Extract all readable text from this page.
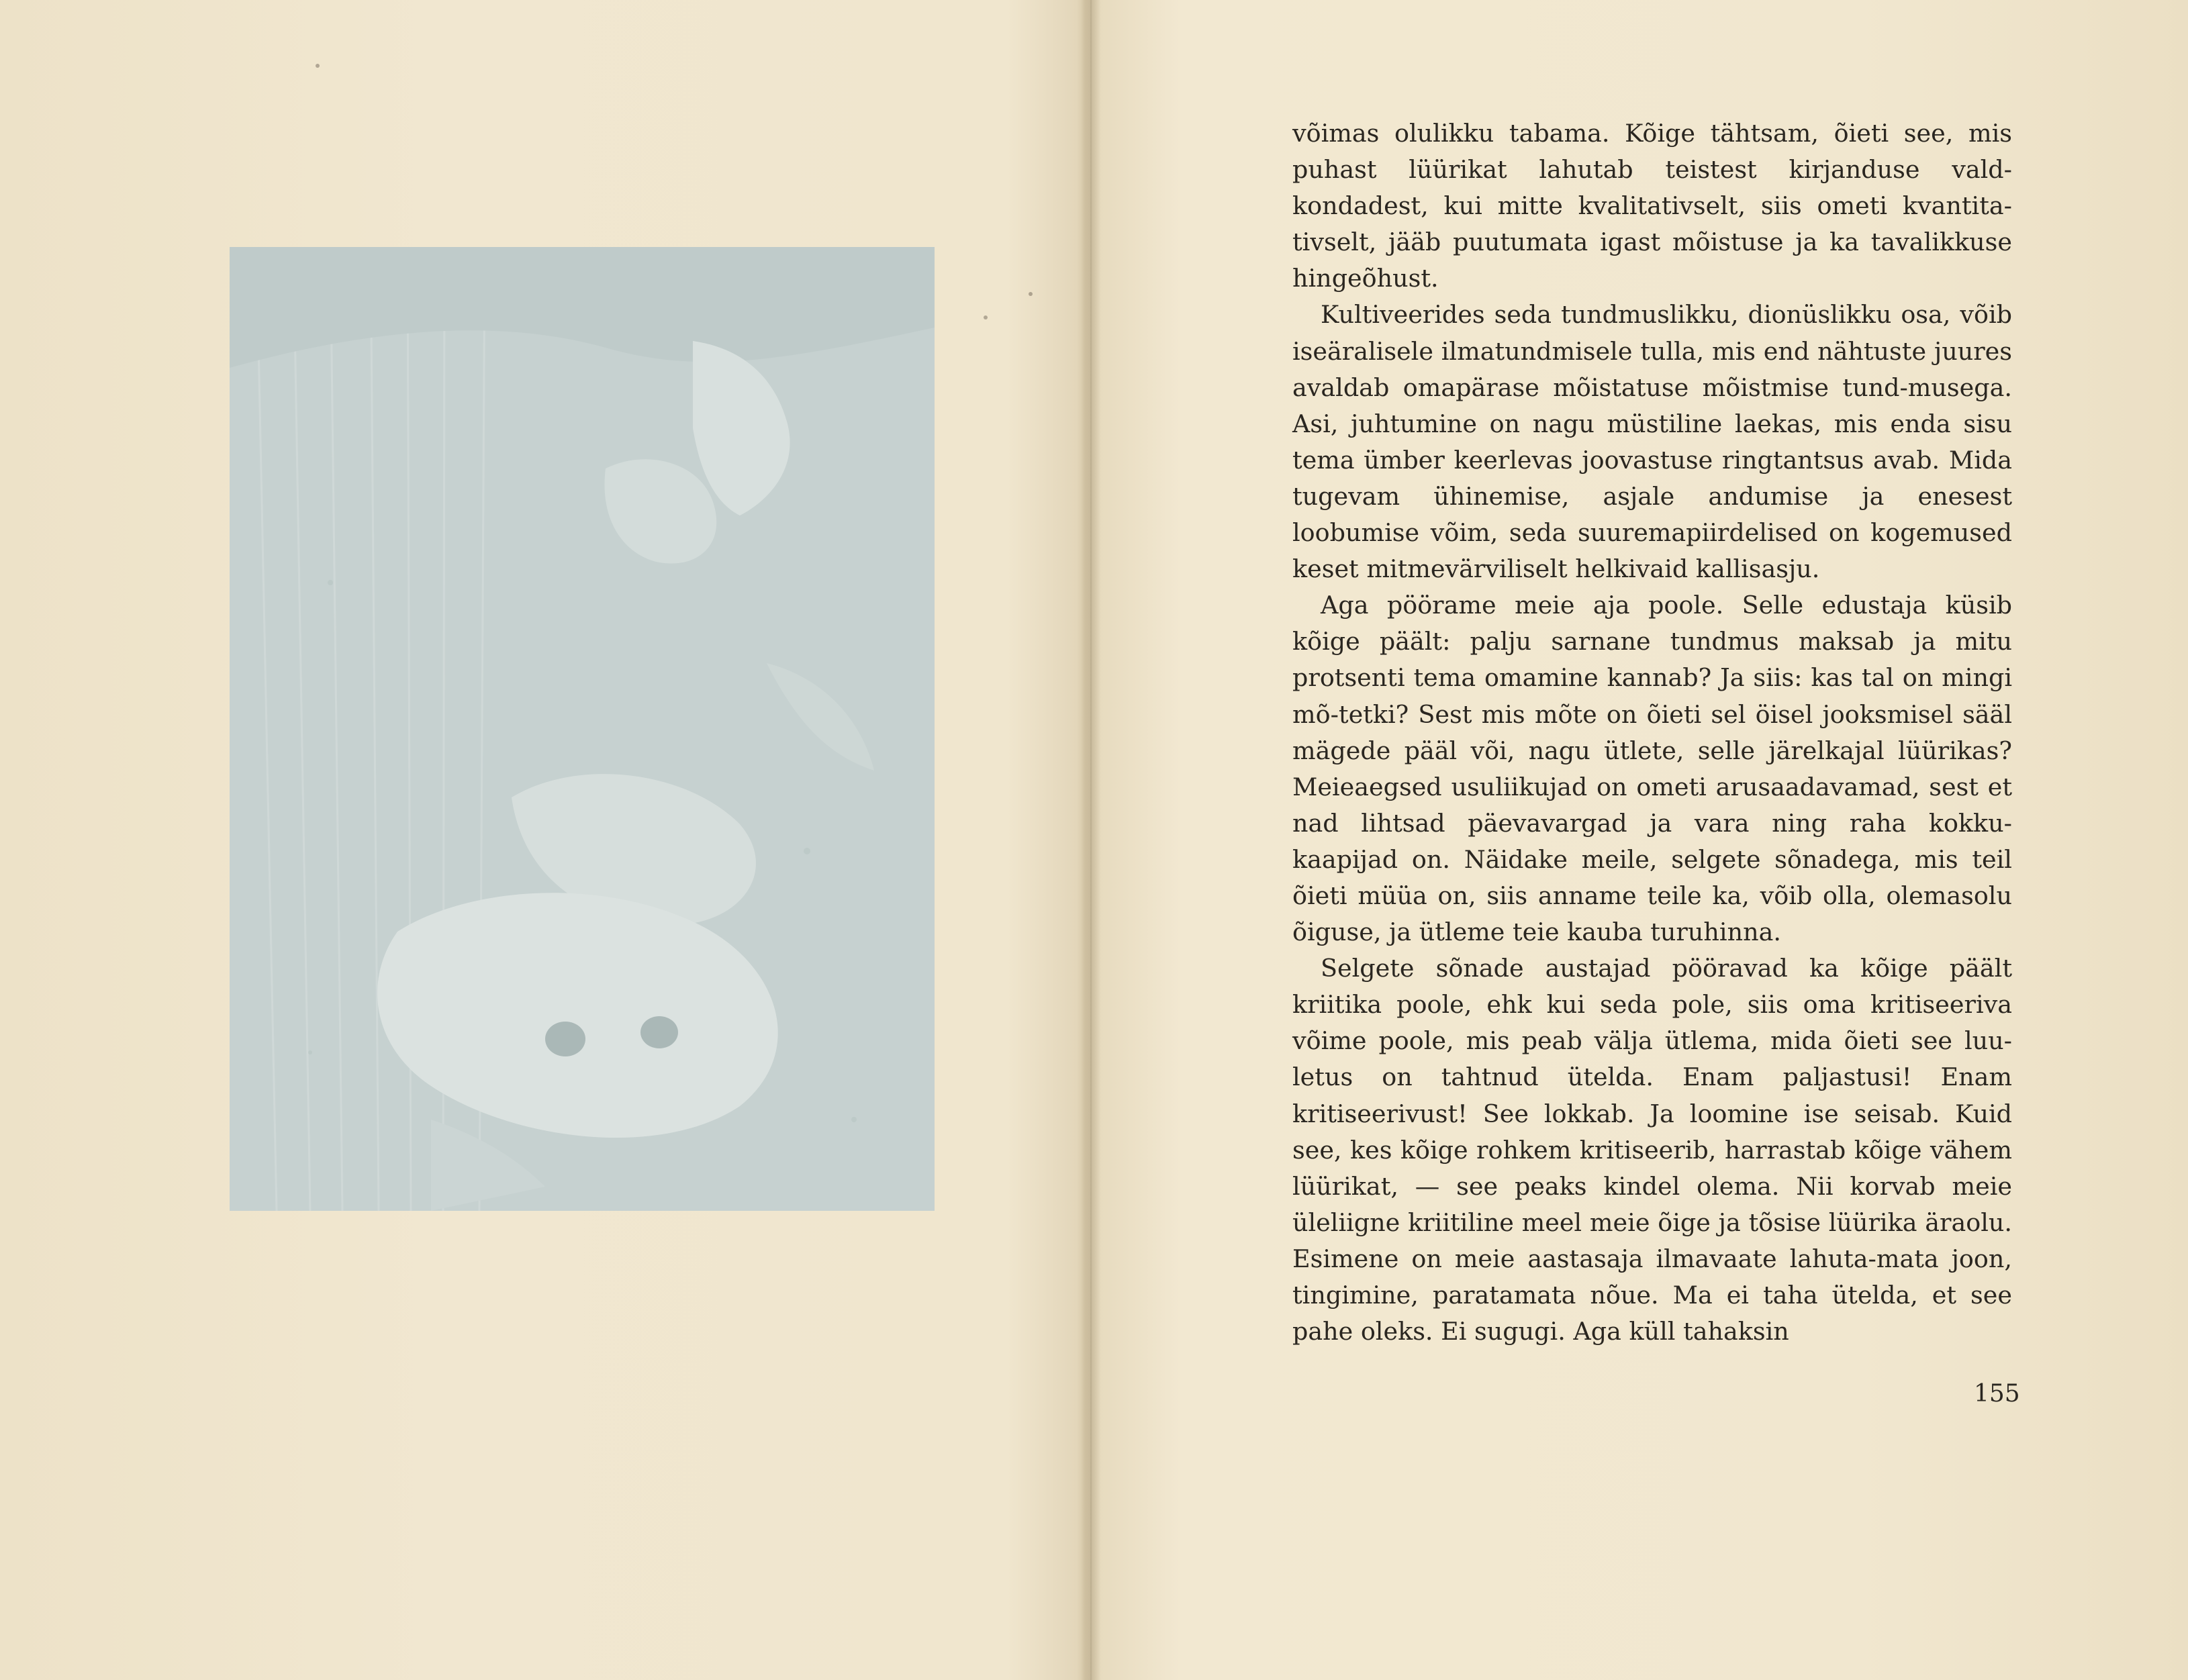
võimas olulikku tabama. Kõige tähtsam, õieti see, mis puhast lüürikat lahutab teistest kirjanduse vald-kondadest, kui mitte kvalitativselt, siis ometi kvantita-tivselt, jääb puutumata igast mõistuse ja ka tavalikkuse hingeõhust.

Kultiveerides seda tundmuslikku, dionüslikku osa, võib iseäralisele ilmatundmisele tulla, mis end nähtuste juures avaldab omapärase mõistatuse mõistmise tund-musega. Asi, juhtumine on nagu müstiline laekas, mis enda sisu tema ümber keerlevas joovastuse ringtantsus avab. Mida tugevam ühinemise, asjale andumise ja enesest loobumise võim, seda suuremapiirdelised on kogemused keset mitmevärviliselt helkivaid kallisasju.

Aga pöörame meie aja poole. Selle edustaja küsib kõige päält: palju sarnane tundmus maksab ja mitu protsenti tema omamine kannab? Ja siis: kas tal on mingi mõ-tetki? Sest mis mõte on õieti sel öisel jooksmisel sääl mägede pääl või, nagu ütlete, selle järelkajal lüürikas? Meieaegsed usuliikujad on ometi arusaadavamad, sest et nad lihtsad päevavargad ja vara ning raha kokku-kaapijad on. Näidake meile, selgete sõnadega, mis teil õieti müüa on, siis anname teile ka, võib olla, olemasolu õiguse, ja ütleme teie kauba turuhinna.

Selgete sõnade austajad pööravad ka kõige päält kriitika poole, ehk kui seda pole, siis oma kritiseeriva võime poole, mis peab välja ütlema, mida õieti see luu-letus on tahtnud ütelda. Enam paljastusi! Enam kritiseerivust! See lokkab. Ja loomine ise seisab. Kuid see, kes kõige rohkem kritiseerib, harrastab kõige vähem lüürikat, — see peaks kindel olema. Nii korvab meie üleliigne kriitiline meel meie õige ja tõsise lüürika äraolu. Esimene on meie aastasaja ilmavaate lahuta-mata joon, tingimine, paratamata nõue. Ma ei taha ütelda, et see pahe oleks. Ei sugugi. Aga küll tahaksin

155
